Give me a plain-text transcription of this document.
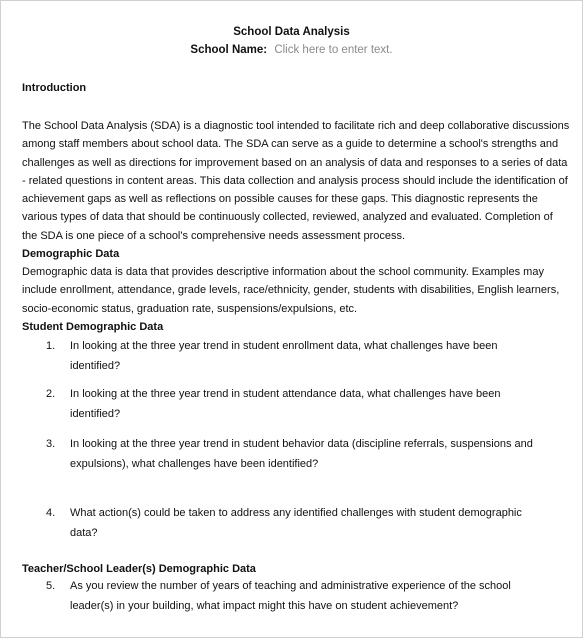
School Data Analysis
School Name: Click here to enter text.
Introduction
The School Data Analysis (SDA) is a diagnostic tool intended to facilitate rich and deep collaborative discussions among staff members about school data. The SDA can serve as a guide to determine a school's strengths and challenges as well as directions for improvement based on an analysis of data and responses to a series of data - related questions in content areas. This data collection and analysis process should include the identification of achievement gaps as well as reflections on possible causes for these gaps. This diagnostic represents the various types of data that should be continuously collected, reviewed, analyzed and evaluated. Completion of the SDA is one piece of a school's comprehensive needs assessment process.
Demographic Data
Demographic data is data that provides descriptive information about the school community. Examples may include enrollment, attendance, grade levels, race/ethnicity, gender, students with disabilities, English learners, socio-economic status, graduation rate, suspensions/expulsions, etc.
Student Demographic Data
1. In looking at the three year trend in student enrollment data, what challenges have been identified?
2. In looking at the three year trend in student attendance data, what challenges have been identified?
3. In looking at the three year trend in student behavior data (discipline referrals, suspensions and expulsions), what challenges have been identified?
4. What action(s) could be taken to address any identified challenges with student demographic data?
Teacher/School Leader(s) Demographic Data
5. As you review the number of years of teaching and administrative experience of the school leader(s) in your building, what impact might this have on student achievement?
